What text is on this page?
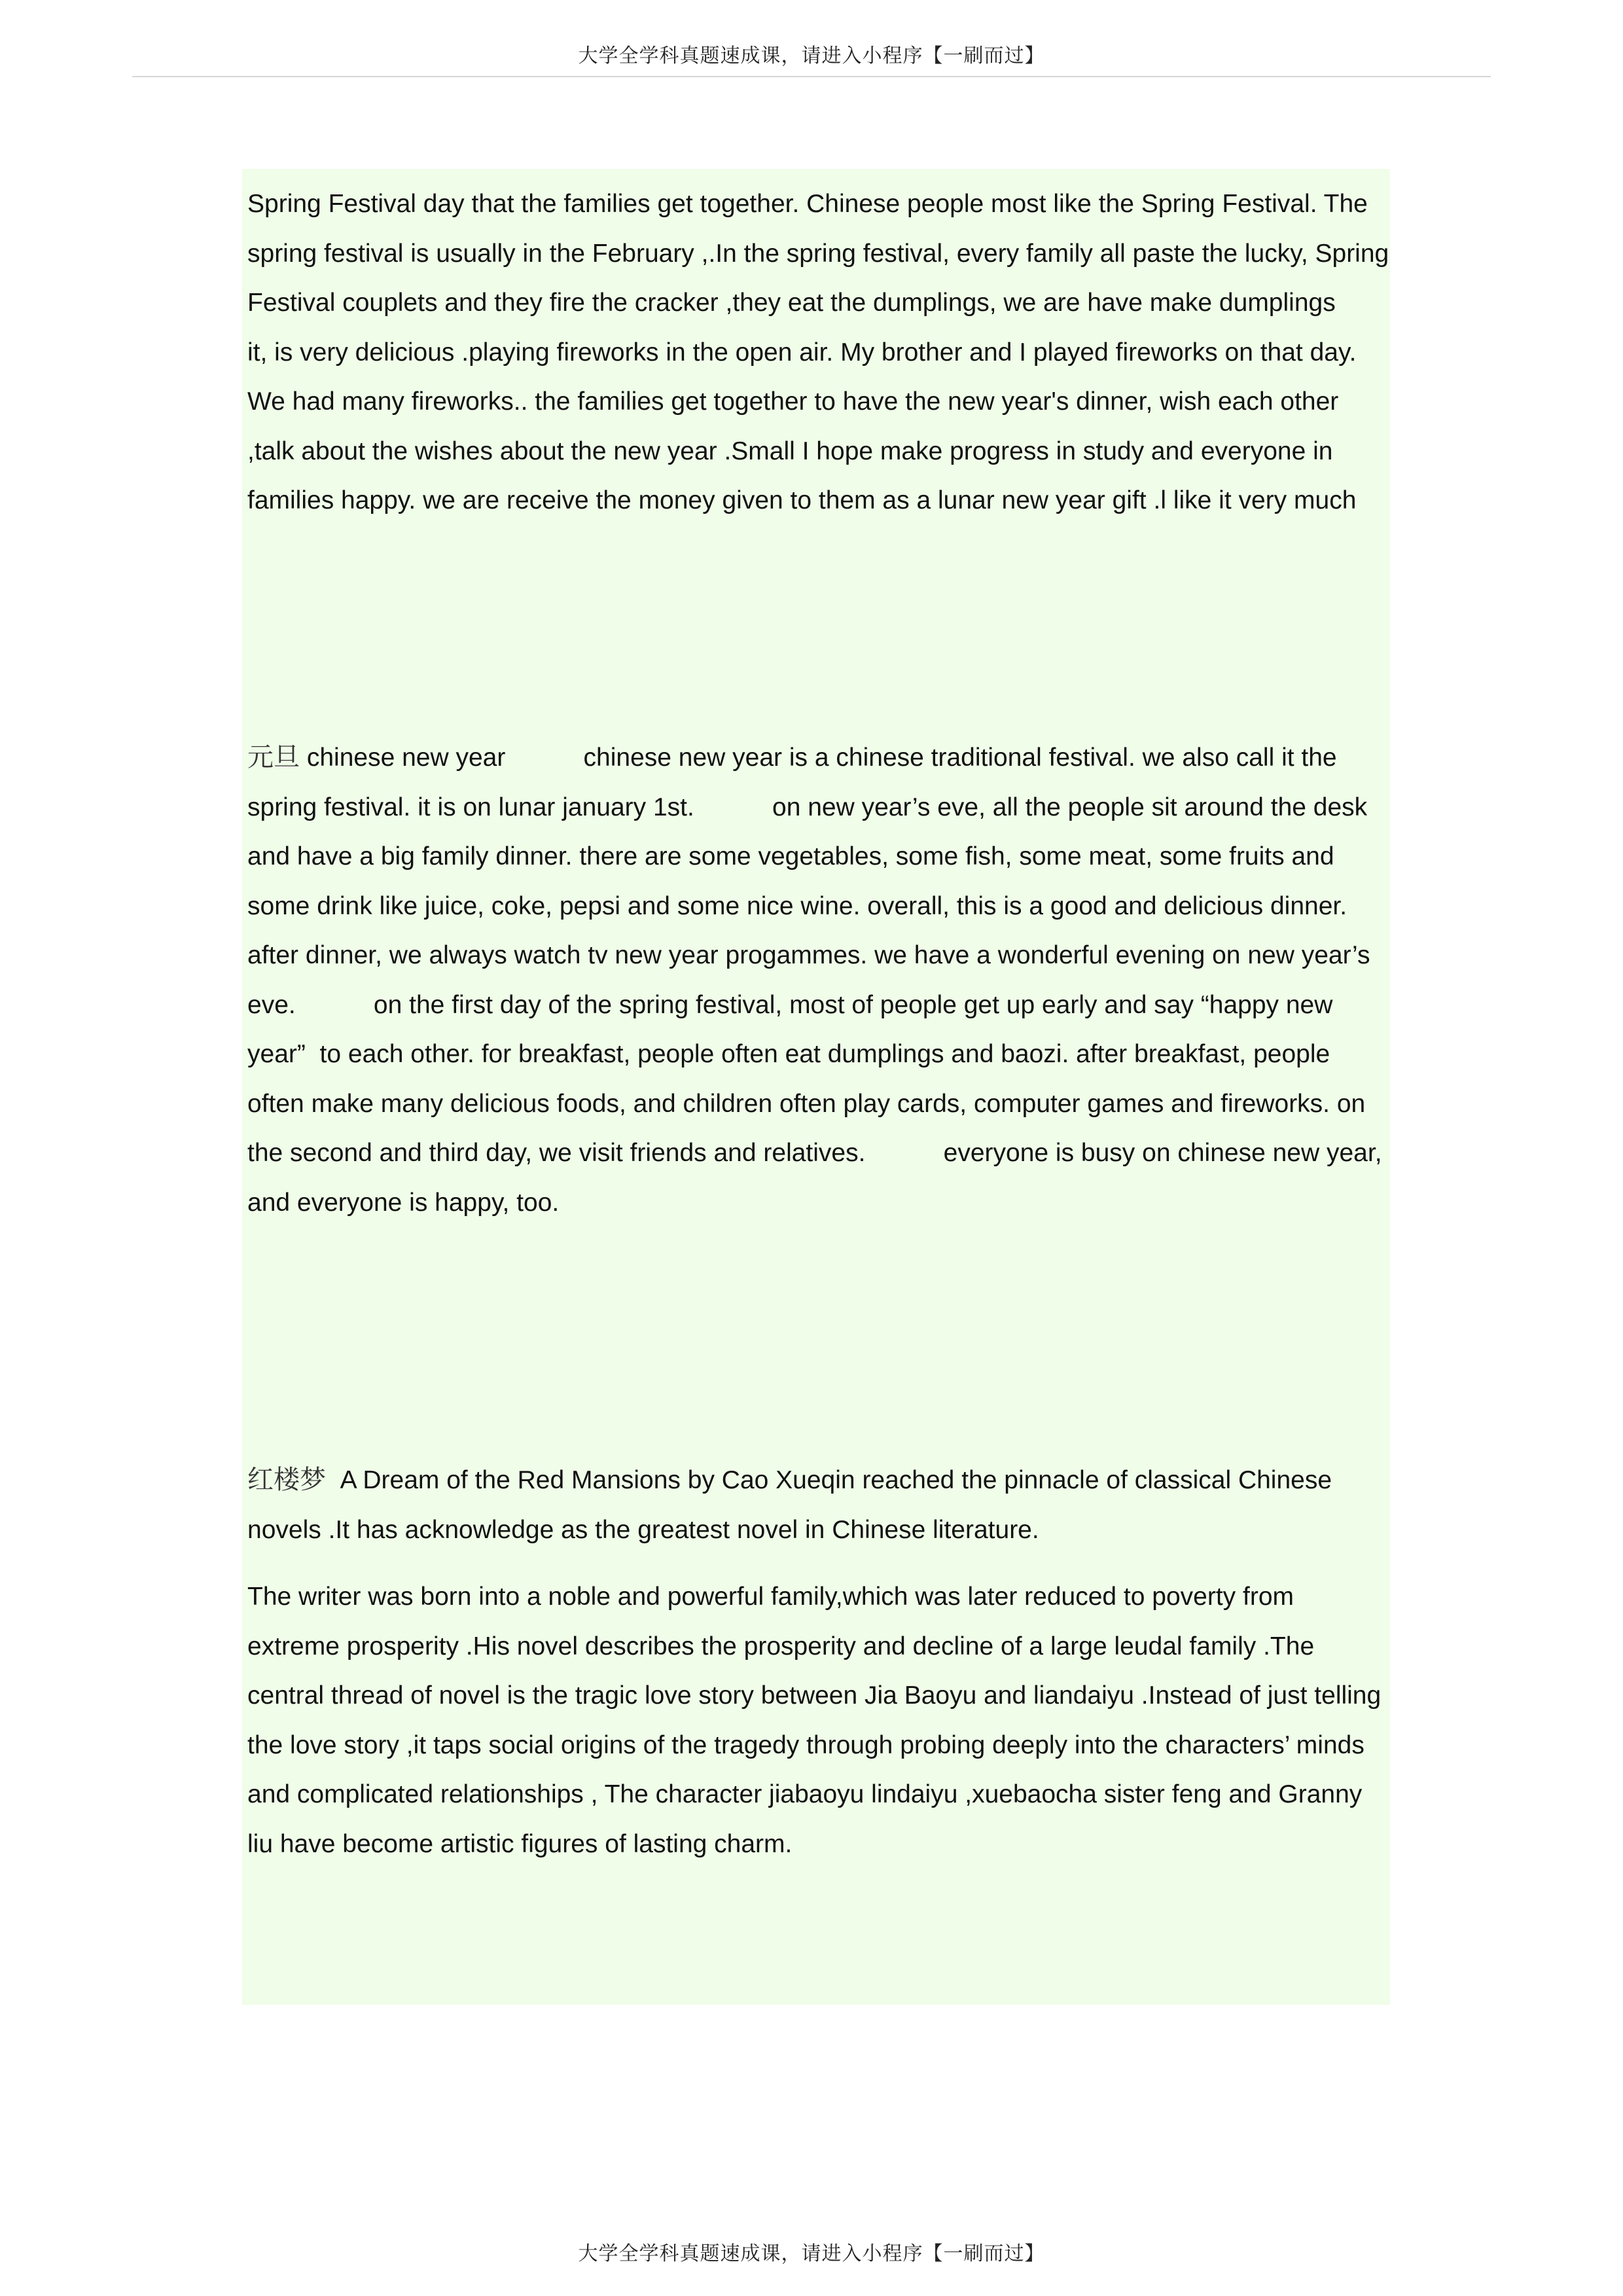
大学全学科真题速成课，请进入小程序【一刷而过】

Spring Festival day that the families get together. Chinese people most like the Spring Festival. The spring festival is usually in the February ,.In the spring festival, every family all paste the lucky, Spring Festival couplets and they fire the cracker ,they eat the dumplings, we are have make dumplings     it, is very delicious .playing fireworks in the open air. My brother and I played fireworks on that day. We had many fireworks.. the families get together to have the new year's dinner, wish each other ,talk about the wishes about the new year .Small I hope make progress in study and everyone in families happy. we are receive the money given to them as a lunar new year gift .l like it very much

元旦 chinese new year           chinese new year is a chinese traditional festival. we also call it the spring festival. it is on lunar january 1st.           on new year’s eve, all the people sit around the desk and have a big family dinner. there are some vegetables, some fish, some meat, some fruits and some drink like juice, coke, pepsi and some nice wine. overall, this is a good and delicious dinner. after dinner, we always watch tv new year progammes. we have a wonderful evening on new year’s eve.           on the first day of the spring festival, most of people get up early and say “happy new year”  to each other. for breakfast, people often eat dumplings and baozi. after breakfast, people often make many delicious foods, and children often play cards, computer games and fireworks. on the second and third day, we visit friends and relatives.           everyone is busy on chinese new year, and everyone is happy, too.

红楼梦  A Dream of the Red Mansions by Cao Xueqin reached the pinnacle of classical Chinese novels .It has acknowledge as the greatest novel in Chinese literature.

The writer was born into a noble and powerful family,which was later reduced to poverty from extreme prosperity .His novel describes the prosperity and decline of a large leudal family .The central thread of novel is the tragic love story between Jia Baoyu and liandaiyu .Instead of just telling the love story ,it taps social origins of the tragedy through probing deeply into the characters’ minds and complicated relationships , The character jiabaoyu lindaiyu ,xuebaocha sister feng and Granny liu have become artistic figures of lasting charm.

大学全学科真题速成课，请进入小程序【一刷而过】
